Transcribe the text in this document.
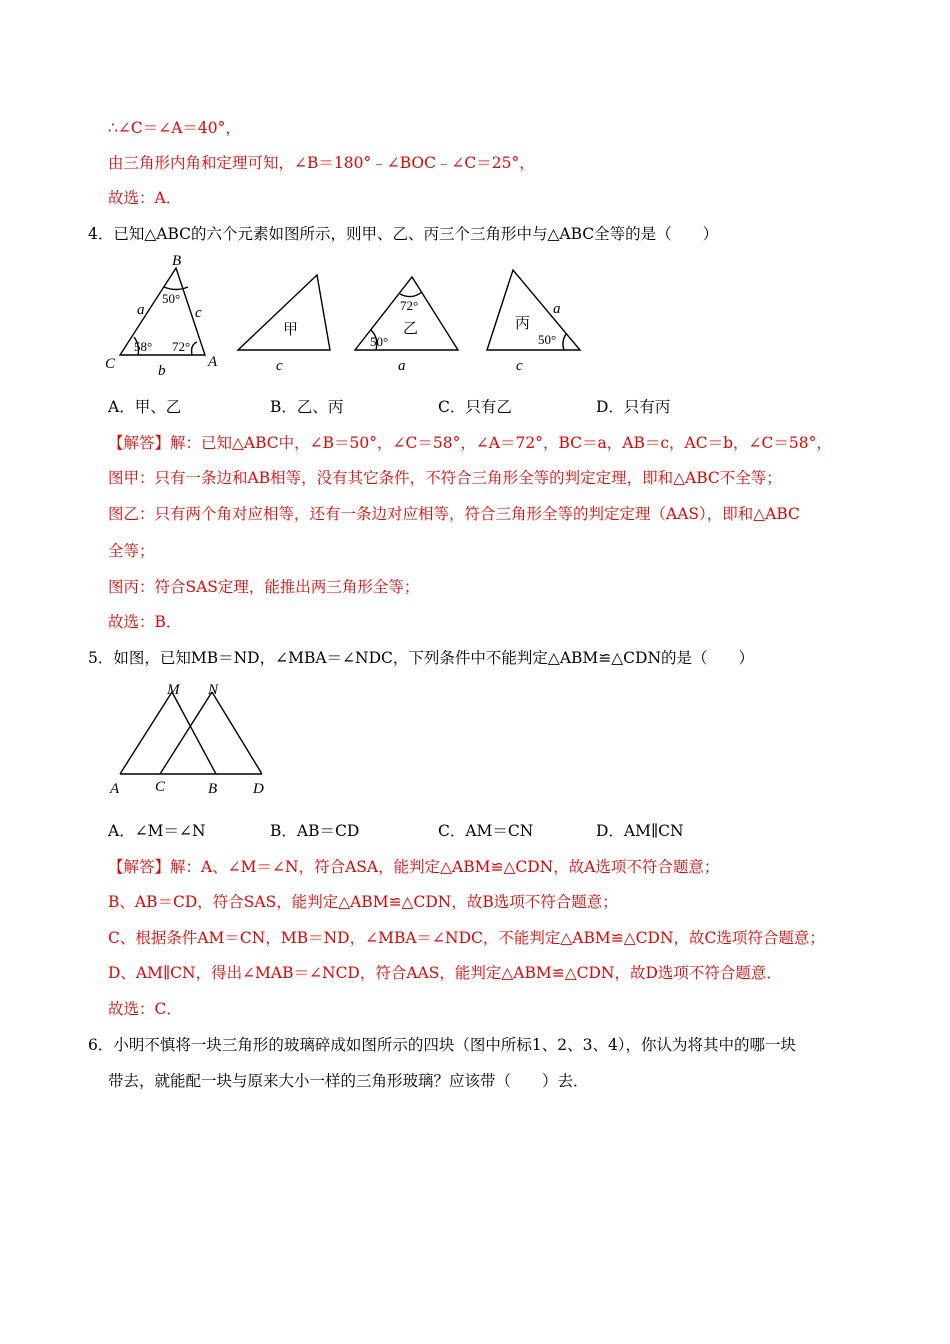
∴∠C＝∠A＝40°，
由三角形内角和定理可知，∠B＝180°﹣∠BOC﹣∠C＝25°，
故选：A．
4．已知△ABC的六个元素如图所示，则甲、乙、丙三个三角形中与△ABC全等的是（　　）
B
C	A
a
b
c
50°
58° 72°
甲
c
72°
50°
乙
a
丙
a
50°
c
A．甲、乙	B．乙、丙	C．只有乙	D．只有丙
【解答】解：已知△ABC中，∠B＝50°，∠C＝58°，∠A＝72°，BC＝a，AB＝c，AC＝b，∠C＝58°，
图甲：只有一条边和AB相等，没有其它条件，不符合三角形全等的判定定理，即和△ABC不全等；
图乙：只有两个角对应相等，还有一条边对应相等，符合三角形全等的判定定理（AAS），即和△ABC
全等；
图丙：符合SAS定理，能推出两三角形全等；
故选：B．
5．如图，已知MB＝ND，∠MBA＝∠NDC，下列条件中不能判定△ABM≌△CDN的是（　　）
M N
A C	B D
A．∠M＝∠N	B．AB＝CD	C．AM＝CN	D．AM∥CN
【解答】解：A、∠M＝∠N，符合ASA，能判定△ABM≌△CDN，故A选项不符合题意；
B、AB＝CD，符合SAS，能判定△ABM≌△CDN，故B选项不符合题意；
C、根据条件AM＝CN，MB＝ND，∠MBA＝∠NDC，不能判定△ABM≌△CDN，故C选项符合题意；
D、AM∥CN，得出∠MAB＝∠NCD，符合AAS，能判定△ABM≌△CDN，故D选项不符合题意．
故选：C．
6．小明不慎将一块三角形的玻璃碎成如图所示的四块（图中所标1、2、3、4），你认为将其中的哪一块
带去，就能配一块与原来大小一样的三角形玻璃？应该带（　　）去．
